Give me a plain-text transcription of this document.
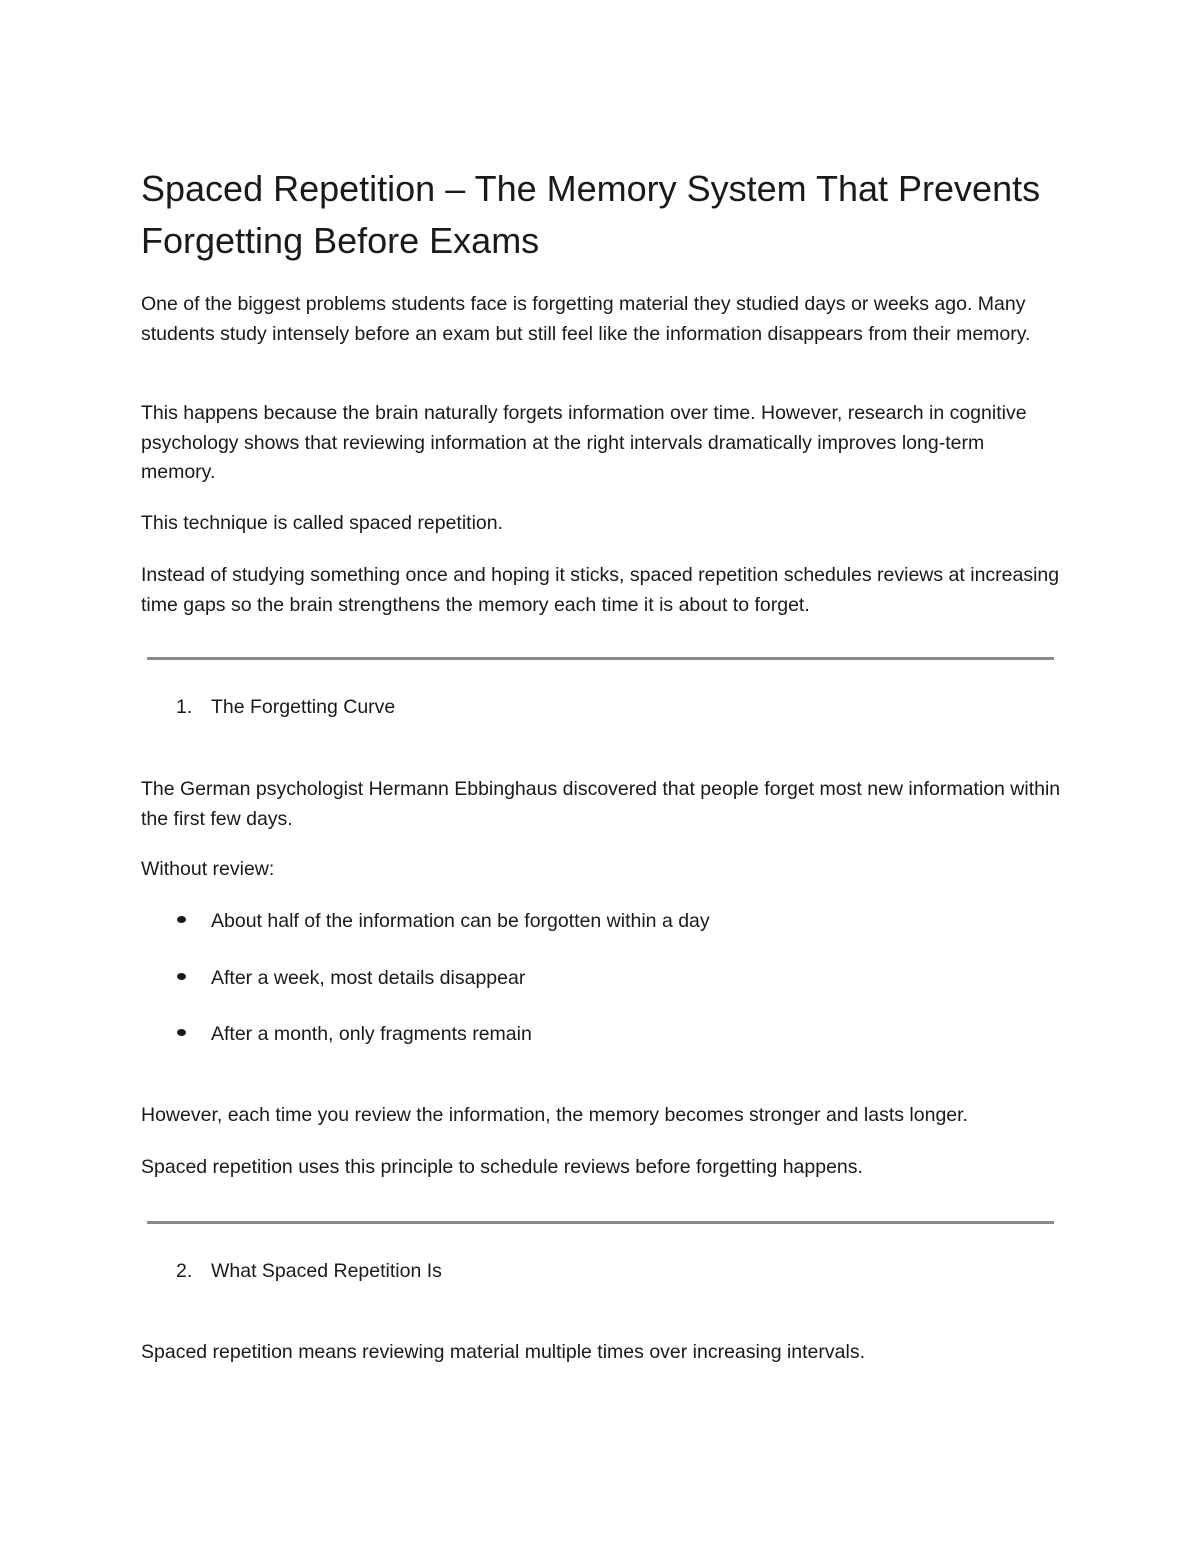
Spaced Repetition – The Memory System That Prevents Forgetting Before Exams

One of the biggest problems students face is forgetting material they studied days or weeks ago. Many students study intensely before an exam but still feel like the information disappears from their memory.

This happens because the brain naturally forgets information over time. However, research in cognitive psychology shows that reviewing information at the right intervals dramatically improves long-term memory.

This technique is called spaced repetition.

Instead of studying something once and hoping it sticks, spaced repetition schedules reviews at increasing time gaps so the brain strengthens the memory each time it is about to forget.

1. The Forgetting Curve

The German psychologist Hermann Ebbinghaus discovered that people forget most new information within the first few days.

Without review:

About half of the information can be forgotten within a day

After a week, most details disappear

After a month, only fragments remain

However, each time you review the information, the memory becomes stronger and lasts longer.

Spaced repetition uses this principle to schedule reviews before forgetting happens.

2. What Spaced Repetition Is

Spaced repetition means reviewing material multiple times over increasing intervals.
